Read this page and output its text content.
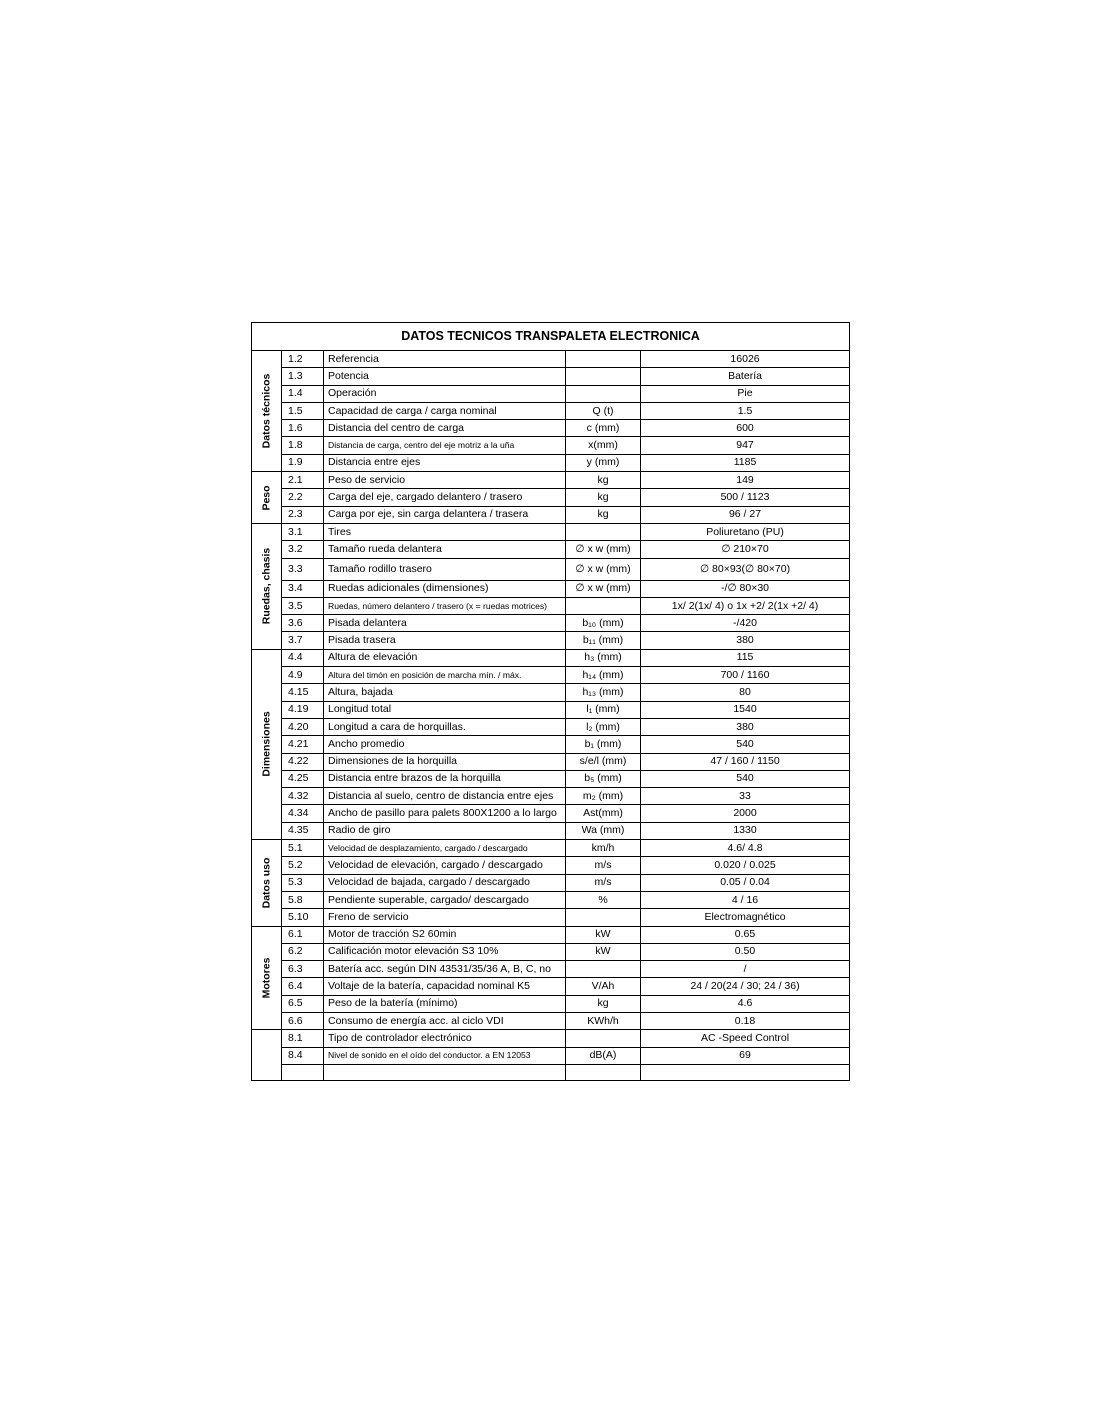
DATOS TECNICOS TRANSPALETA ELECTRONICA				

Datos técnicos	1.2	Referencia		16026
	1.3	Potencia		Batería
	1.4	Operación		Pie
	1.5	Capacidad de carga / carga nominal	Q (t)	1.5
	1.6	Distancia del centro de carga	c (mm)	600
	1.8	Distancia de carga, centro del eje motriz a la uña	x(mm)	947
	1.9	Distancia entre ejes	y (mm)	1185

Peso	2.1	Peso de servicio	kg	149
	2.2	Carga del eje, cargado delantero / trasero	kg	500 / 1123
	2.3	Carga por eje, sin carga delantera / trasera	kg	96 / 27

Ruedas, chasis	3.1	Tires		Poliuretano (PU)
	3.2	Tamaño rueda delantera	∅ x w (mm)	∅ 210×70
	3.3	Tamaño rodillo trasero	∅ x w (mm)	∅ 80×93(∅ 80×70)
	3.4	Ruedas adicionales (dimensiones)	∅ x w (mm)	-/∅ 80×30
	3.5	Ruedas, número delantero / trasero (x = ruedas motrices)		1x/ 2(1x/ 4) o 1x +2/ 2(1x +2/ 4)
	3.6	Pisada delantera	b₁₀ (mm)	-/420
	3.7	Pisada trasera	b₁₁ (mm)	380

Dimensiones	4.4	Altura de elevación	h₃ (mm)	115
	4.9	Altura del timón en posición de marcha mín. / máx.	h₁₄ (mm)	700 / 1160
	4.15	Altura, bajada	h₁₃ (mm)	80
	4.19	Longitud total	l₁ (mm)	1540
	4.20	Longitud a cara de horquillas.	l₂ (mm)	380
	4.21	Ancho promedio	b₁ (mm)	540
	4.22	Dimensiones de la horquilla	s/e/l (mm)	47 / 160 / 1150
	4.25	Distancia entre brazos de la horquilla	b₅ (mm)	540
	4.32	Distancia al suelo, centro de distancia entre ejes	m₂ (mm)	33
	4.34	Ancho de pasillo para palets 800X1200 a lo largo	Ast(mm)	2000
	4.35	Radio de giro	Wa (mm)	1330

Datos uso	5.1	Velocidad de desplazamiento, cargado / descargado	km/h	4.6/ 4.8
	5.2	Velocidad de elevación, cargado / descargado	m/s	0.020 / 0.025
	5.3	Velocidad de bajada, cargado / descargado	m/s	0.05 / 0.04
	5.8	Pendiente superable, cargado/ descargado	%	4 / 16
	5.10	Freno de servicio		Electromagnético

Motores	6.1	Motor de tracción S2 60min	kW	0.65
	6.2	Calificación motor elevación S3 10%	kW	0.50
	6.3	Batería acc. según DIN 43531/35/36 A, B, C, no		/
	6.4	Voltaje de la batería, capacidad nominal K5	V/Ah	24 / 20(24 / 30; 24 / 36)
	6.5	Peso de la batería (mínimo)	kg	4.6
	6.6	Consumo de energía acc. al ciclo VDI	KWh/h	0.18

	8.1	Tipo de controlador electrónico		AC -Speed Control
	8.4	Nivel de sonido en el oído del conductor. a EN 12053	dB(A)	69
